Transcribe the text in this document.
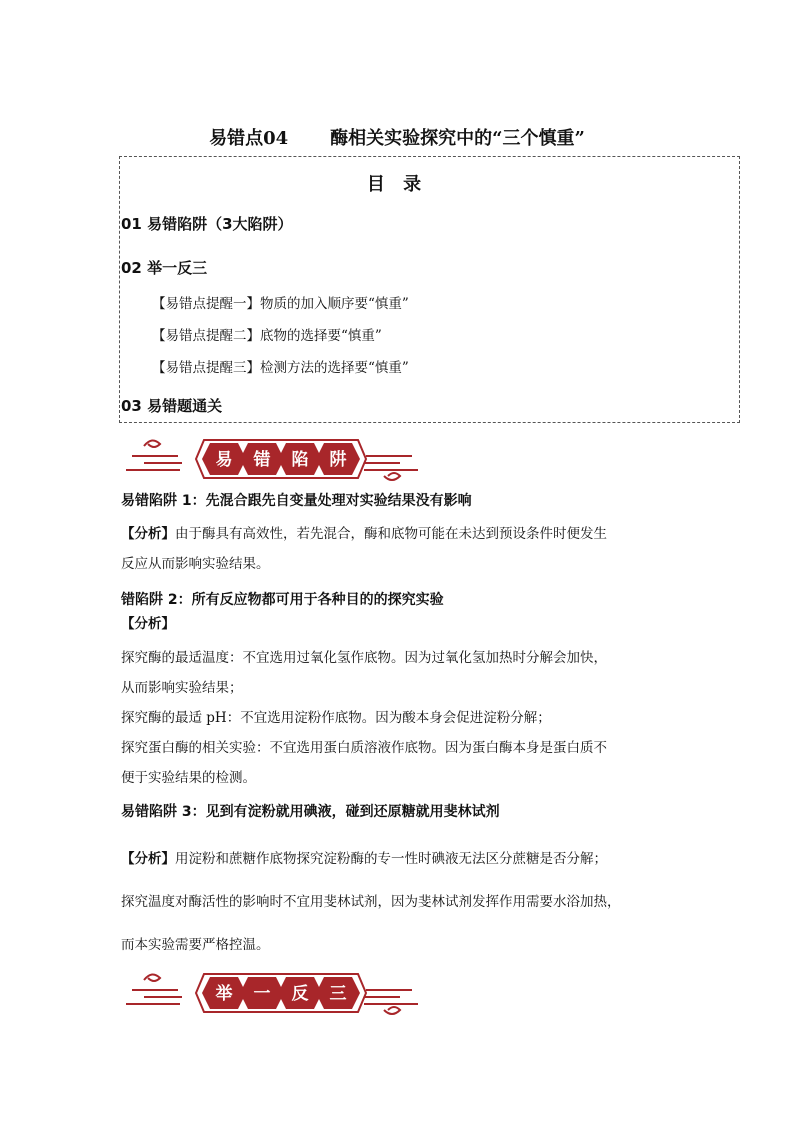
易错点04 酶相关实验探究中的“三个慎重”
目 录
01 易错陷阱（3大陷阱）
02 举一反三
【易错点提醒一】物质的加入顺序要“慎重”
【易错点提醒二】底物的选择要“慎重”
【易错点提醒三】检测方法的选择要“慎重”
03 易错题通关
易 错 陷 阱
易错陷阱 1：先混合跟先自变量处理对实验结果没有影响
【分析】由于酶具有高效性，若先混合，酶和底物可能在未达到预设条件时便发生
反应从而影响实验结果。
错陷阱 2：所有反应物都可用于各种目的的探究实验
【分析】
探究酶的最适温度：不宜选用过氧化氢作底物。因为过氧化氢加热时分解会加快，
从而影响实验结果；
探究酶的最适 pH：不宜选用淀粉作底物。因为酸本身会促进淀粉分解；
探究蛋白酶的相关实验：不宜选用蛋白质溶液作底物。因为蛋白酶本身是蛋白质不
便于实验结果的检测。
易错陷阱 3：见到有淀粉就用碘液，碰到还原糖就用斐林试剂
【分析】用淀粉和蔗糖作底物探究淀粉酶的专一性时碘液无法区分蔗糖是否分解；
探究温度对酶活性的影响时不宜用斐林试剂，因为斐林试剂发挥作用需要水浴加热，
而本实验需要严格控温。
举 一 反 三
